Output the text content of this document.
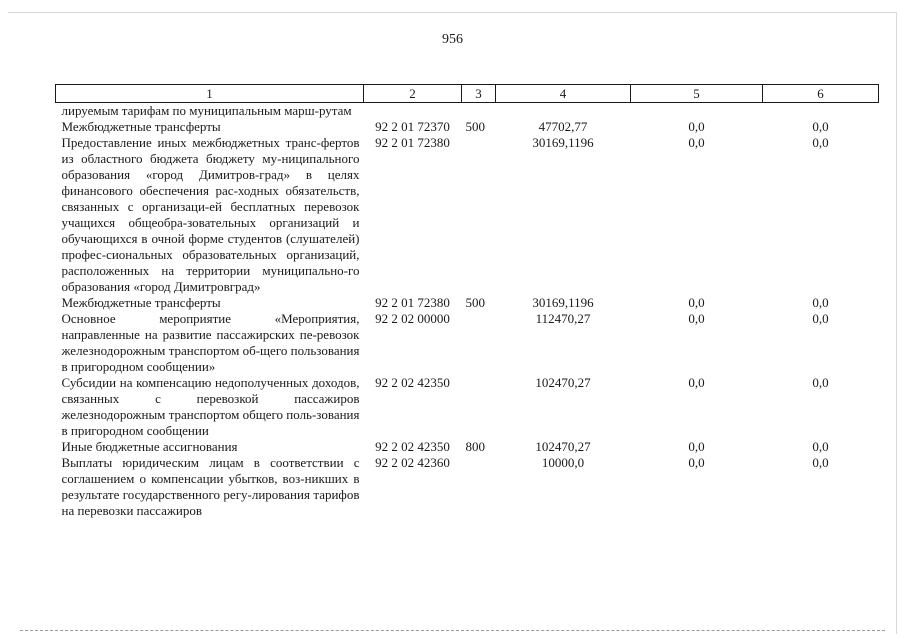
956
1	2	3	4	5	6
лируемым тарифам по муниципальным марш-рутам					
Межбюджетные трансферты	92 2 01 72370	500	47702,77	0,0	0,0
Предоставление иных межбюджетных транс-фертов из областного бюджета бюджету му-ниципального образования «город Димитров-град» в целях финансового обеспечения рас-ходных обязательств, связанных с организаци-ей бесплатных перевозок учащихся общеобра-зовательных организаций и обучающихся в очной форме студентов (слушателей) профес-сиональных образовательных организаций, расположенных на территории муниципально-го образования «город Димитровград»	92 2 01 72380		30169,1196	0,0	0,0
Межбюджетные трансферты	92 2 01 72380	500	30169,1196	0,0	0,0
Основное мероприятие «Мероприятия, направленные на развитие пассажирских пе-ревозок железнодорожным транспортом об-щего пользования в пригородном сообщении»	92 2 02 00000		112470,27	0,0	0,0
Субсидии на компенсацию недополученных доходов, связанных с перевозкой пассажиров железнодорожным транспортом общего поль-зования в пригородном сообщении	92 2 02 42350		102470,27	0,0	0,0
Иные бюджетные ассигнования	92 2 02 42350	800	102470,27	0,0	0,0
Выплаты юридическим лицам в соответствии с соглашением о компенсации убытков, воз-никших в результате государственного регу-лирования тарифов на перевозки пассажиров	92 2 02 42360		10000,0	0,0	0,0
